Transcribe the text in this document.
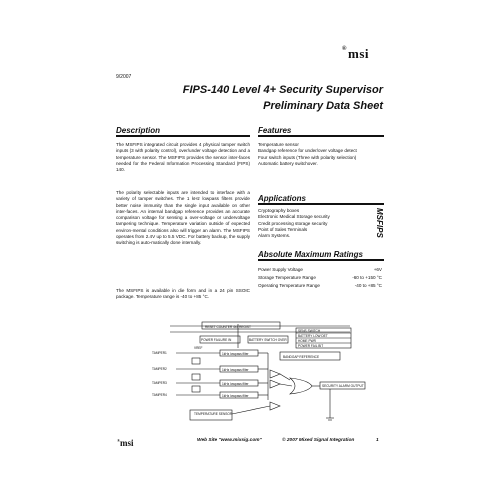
9/2007
®msi
FIPS-140 Level 4+ Security Supervisor
Preliminary Data Sheet
Description	Features
The MSFIPS integrated circuit provides 4 physical tamper switch inputs (3 with polarity control), over/under voltage detection and a temperature sensor. The MSFIPS provides the sensor inter-faces needed for the Federal Information Processing Standard (FIPS) 140.
The polarity selectable inputs are intended to interface with a variety of tamper switches. The 1 kHz lowpass filters provide better noise immunity than the single input available on other inter-faces. An internal bandgap reference provides an accurate comparison voltage for sensing a over-voltage or undervoltage tampering technique. Temperature variation outside of expected environ-mental conditions also will trigger an alarm. The MSFIPS operates from 2.4V up to 5.5 VDC. For battery backup, the supply switching is auto-matically done internally.
The MSFIPS is available in die form and in a 24 pin SSOIC package. Temperature range is -40 to +85 °C.
Temperature sensor
Bandgap reference for under/over voltage detect
Four switch inputs (Three with polarity selection)
Automatic battery switchover.
Applications
Cryptography boxes
Electronic Medical Storage security
Credit processing storage security
Point of Sales Terminals
Alarm Systems.	MSFIPS
Absolute Maximum Ratings
Power Supply Voltage	+6V
Storage Temperature Range	-60 to +150 °C
Operating Temperature Range	-40 to +85 °C
RESET COUNTER 4x4 REGIST
VREF
POWER FAILURE IN	BATTERY SWITCH OVER
SENS SWITCH
BATTERY LOW DET
HOME PWR
POWER FAIL BIT
1kHz lowpass filter
1kHz lowpass filter
1kHz lowpass filter
1kHz lowpass filter
BANDGAP REFERENCE
SECURITY ALARM OUTPUT
TEMPERATURE SENSOR
TAMPER1
TAMPER2
TAMPER3
TAMPER4
®msi	Web Site "www.mixsig.com"	© 2007 Mixed Signal Integration	1
